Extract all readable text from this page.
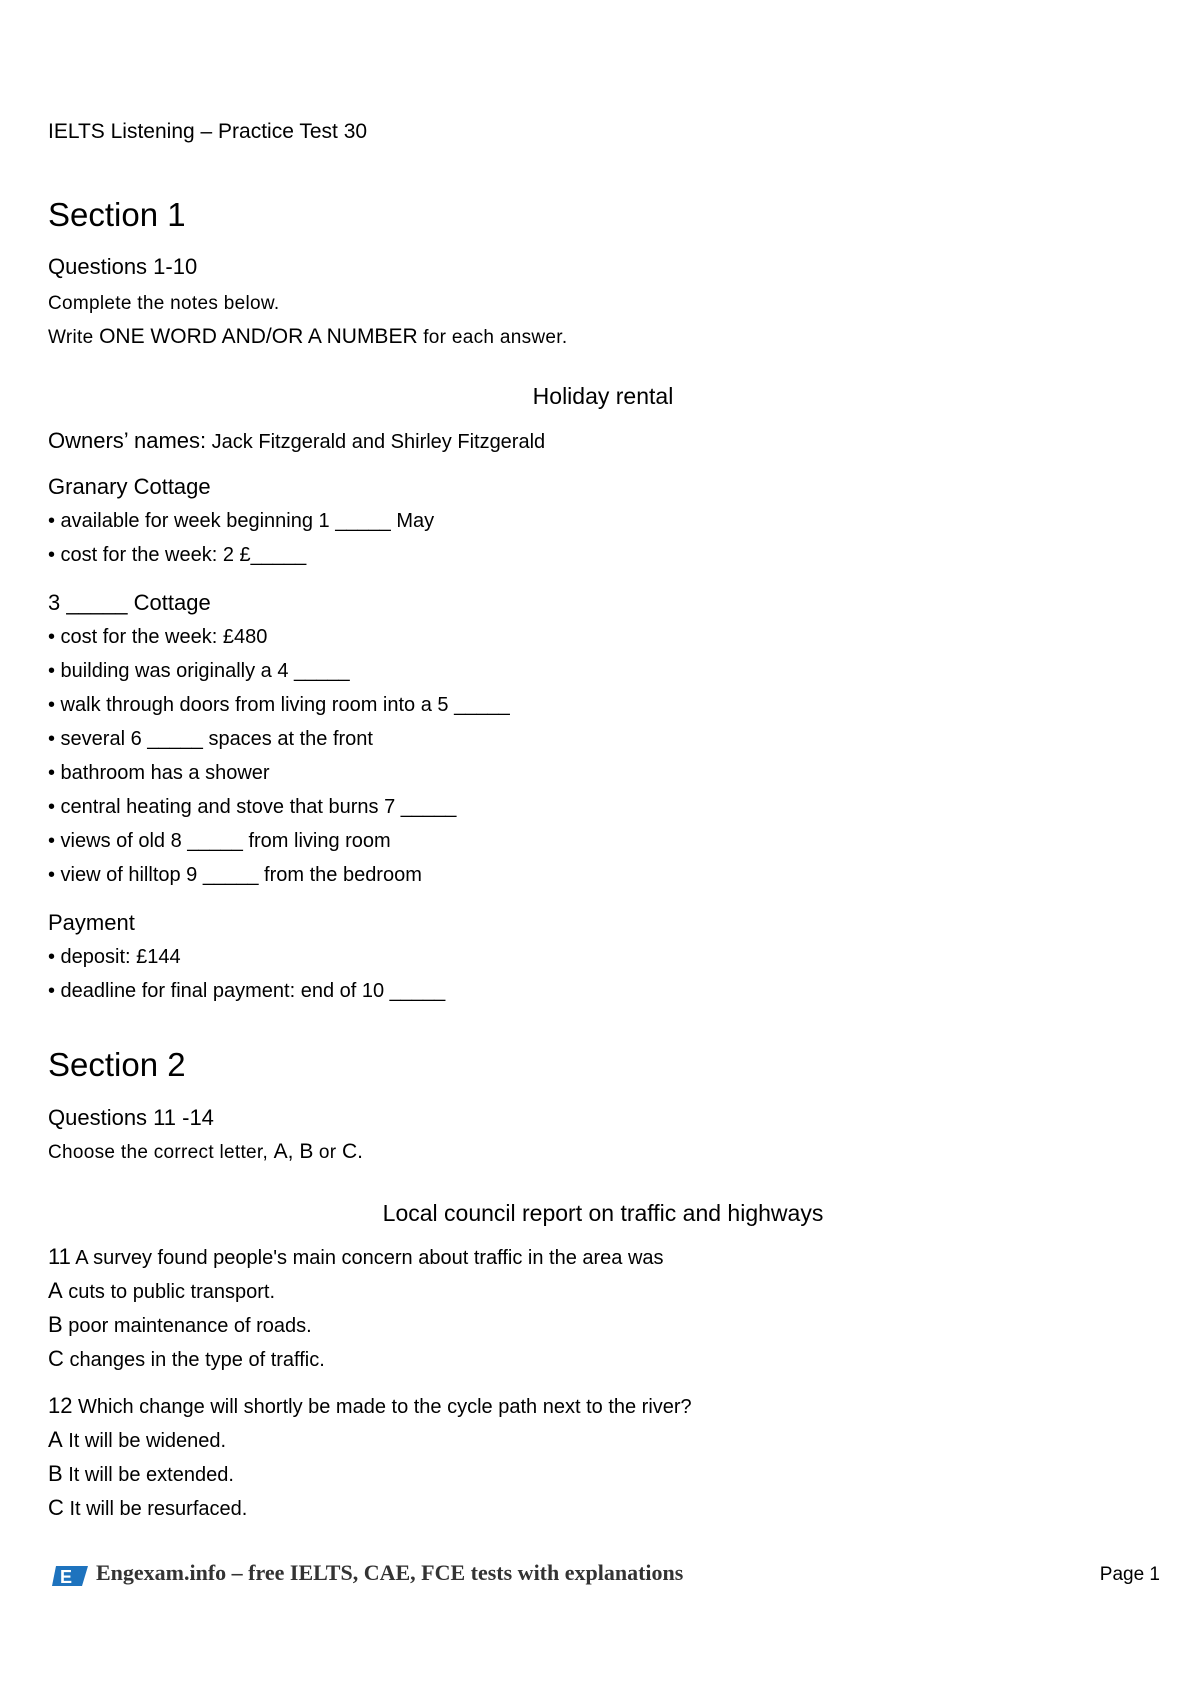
IELTS Listening – Practice Test 30
Section 1
Questions 1-10
Complete the notes below.
Write ONE WORD AND/OR A NUMBER for each answer.
Holiday rental
Owners’ names: Jack Fitzgerald and Shirley Fitzgerald
Granary Cottage
• available for week beginning 1 _____ May
• cost for the week: 2 £_____
3 _____ Cottage
• cost for the week: £480
• building was originally a 4 _____
• walk through doors from living room into a 5 _____
• several 6 _____ spaces at the front
• bathroom has a shower
• central heating and stove that burns 7 _____
• views of old 8 _____ from living room
• view of hilltop 9 _____ from the bedroom
Payment
• deposit: £144
• deadline for final payment: end of 10 _____
Section 2
Questions 11 -14
Choose the correct letter, A, B or C.
Local council report on traffic and highways
11 A survey found people's main concern about traffic in the area was
A cuts to public transport.
B poor maintenance of roads.
C changes in the type of traffic.
12 Which change will shortly be made to the cycle path next to the river?
A It will be widened.
B It will be extended.
C It will be resurfaced.
E Engexam.info – free IELTS, CAE, FCE tests with explanations	Page 1
